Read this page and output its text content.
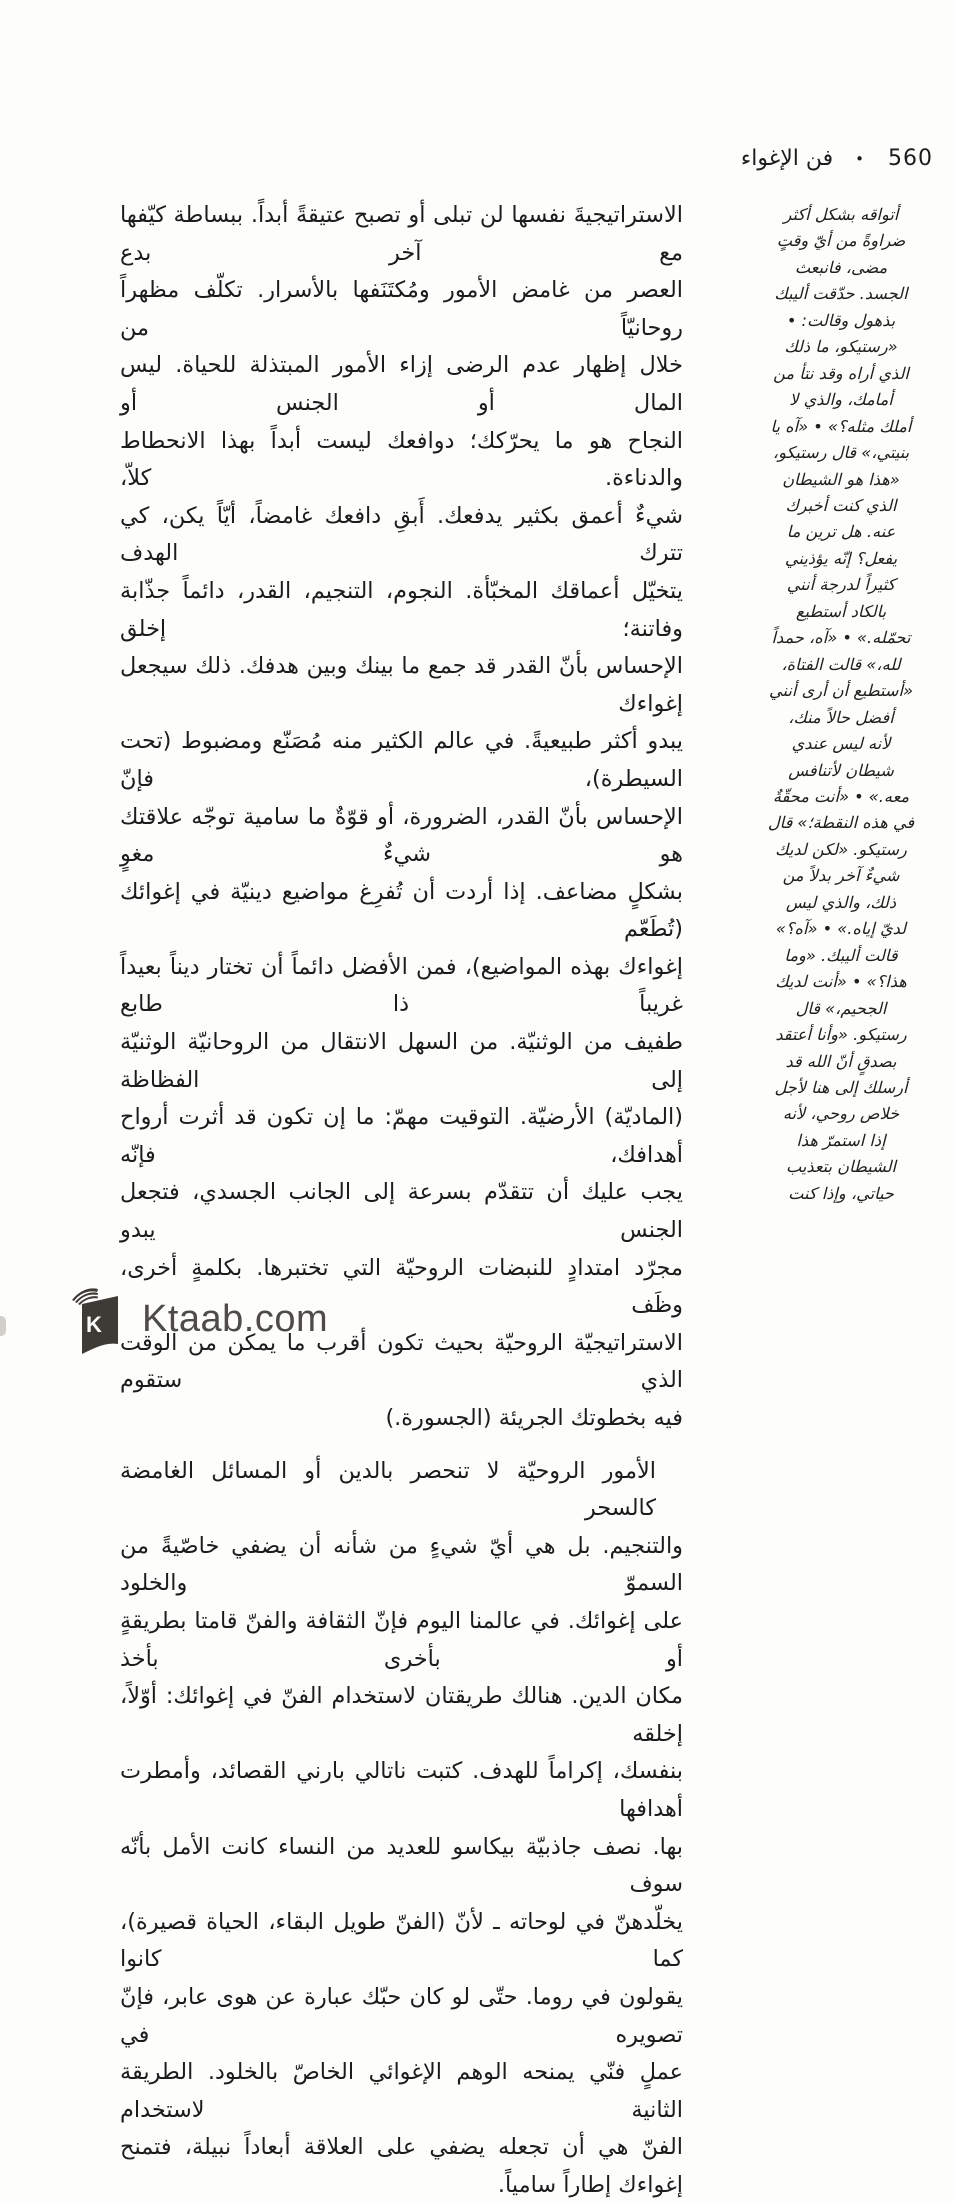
560
•
فن الإغواء
الاستراتيجيةَ نفسها لن تبلى أو تصبح عتيقةً أبداً. ببساطة كيّفها مع آخر بدع
العصر من غامض الأمور ومُكتَنَفها بالأسرار. تكلّف مظهراً روحانيّاً من
خلال إظهار عدم الرضى إزاء الأمور المبتذلة للحياة. ليس المال أو الجنس أو
النجاح هو ما يحرّكك؛ دوافعك ليست أبداً بهذا الانحطاط والدناءة. كلاّ،
شيءٌ أعمق بكثير يدفعك. أَبقِ دافعك غامضاً، أيّاً يكن، كي تترك الهدف
يتخيّل أعماقك المخبّأة. النجوم، التنجيم، القدر، دائماً جذّابة وفاتنة؛ إخلق
الإحساس بأنّ القدر قد جمع ما بينك وبين هدفك. ذلك سيجعل إغواءك
يبدو أكثر طبيعيةً. في عالم الكثير منه مُصَنّع ومضبوط (تحت السيطرة)، فإنّ
الإحساس بأنّ القدر، الضرورة، أو قوّةٌ ما سامية توجّه علاقتك هو شيءٌ مغوٍ
بشكلٍ مضاعف. إذا أردت أن تُفرِغ مواضيع دينيّة في إغوائك (تُطَعّم
إغواءك بهذه المواضيع)، فمن الأفضل دائماً أن تختار ديناً بعيداً غريباً ذا طابع
طفيف من الوثنيّة. من السهل الانتقال من الروحانيّة الوثنيّة إلى الفظاظة
(الماديّة) الأرضيّة. التوقيت مهمّ: ما إن تكون قد أثرت أرواح أهدافك، فإنّه
يجب عليك أن تتقدّم بسرعة إلى الجانب الجسدي، فتجعل الجنس يبدو
مجرّد امتدادٍ للنبضات الروحيّة التي تختبرها. بكلمةٍ أخرى، وظَف
الاستراتيجيّة الروحيّة بحيث تكون أقرب ما يمكن من الوقت الذي ستقوم
فيه بخطوتك الجريئة (الجسورة.)
الأمور الروحيّة لا تنحصر بالدين أو المسائل الغامضة كالسحر
والتنجيم. بل هي أيّ شيءٍ من شأنه أن يضفي خاصّيةً من السموّ والخلود
على إغوائك. في عالمنا اليوم فإنّ الثقافة والفنّ قامتا بطريقةٍ أو بأخرى بأخذ
مكان الدين. هنالك طريقتان لاستخدام الفنّ في إغوائك: أوّلاً، إخلقه
بنفسك، إكراماً للهدف. كتبت ناتالي بارني القصائد، وأمطرت أهدافها
بها. نصف جاذبيّة بيكاسو للعديد من النساء كانت الأمل بأنّه سوف
يخلّدهنّ في لوحاته ـ لأنّ (الفنّ طويل البقاء، الحياة قصيرة)، كما كانوا
يقولون في روما. حتّى لو كان حبّك عبارة عن هوى عابر، فإنّ تصويره في
عملٍ فنّي يمنحه الوهم الإغوائي الخاصّ بالخلود. الطريقة الثانية لاستخدام
الفنّ هي أن تجعله يضفي على العلاقة أبعاداً نبيلة، فتمنح إغواءك إطاراً سامياً.
أتواقه بشكل أكثر
ضراوةً من أيّ وقتٍ
مضى، فانبعث
الجسد. حدّقت أليبك
بذهول وقالت: •
«رستيكو، ما ذلك
الذي أراه وقد نتأ من
أمامك، والذي لا
أملك مثله؟» • «آه يا
بنيتي،» قال رستيكو،
«هذا هو الشيطان
الذي كنت أخبرك
عنه. هل ترين ما
يفعل؟ إنّه يؤذيني
كثيراً لدرجة أنني
بالكاد أستطيع
تحمّله.» • «آه، حمداً
لله،» قالت الفتاة،
«أستطيع أن أرى أنني
أفضل حالاً منك،
لأنه ليس عندي
شيطان لأتنافس
معه.» • «أنت محقّةٌ
في هذه النقطة؛» قال
رستيكو. «لكن لديك
شيءٌ آخر بدلاً من
ذلك، والذي ليس
لديّ إياه.» • «آه؟»
قالت أليبك. «وما
هذا؟» • «أنت لديك
الجحيم،» قال
رستيكو. «وأنا أعتقد
بصدقٍ أنّ الله قد
أرسلك إلى هنا لأجل
خلاص روحي، لأنه
إذا استمرّ هذا
الشيطان بتعذيب
حياتي، وإذا كنت
K Ktaab.com
